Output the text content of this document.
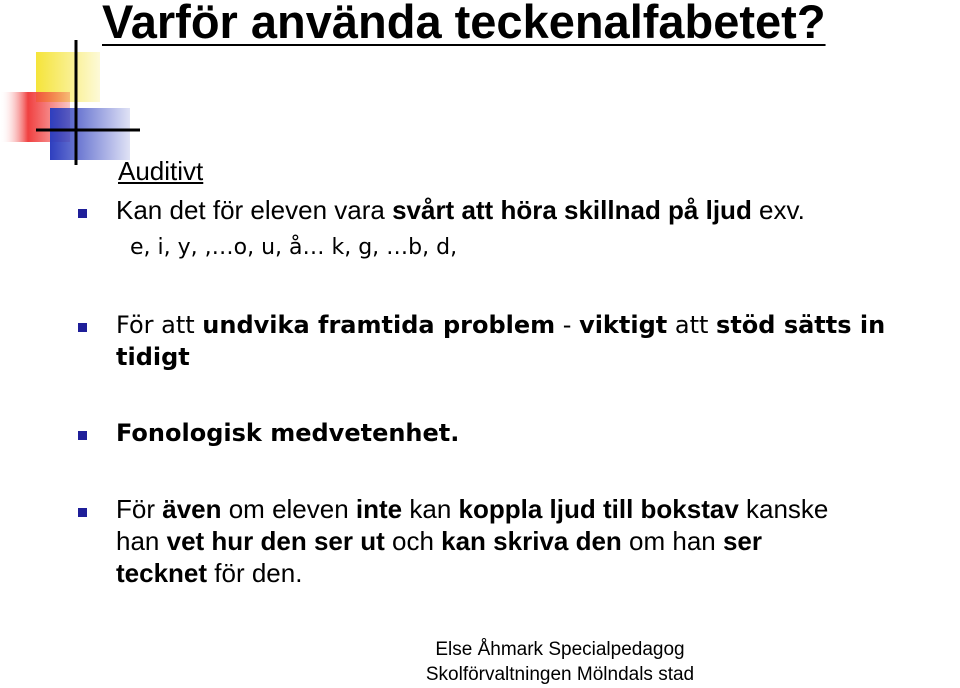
Varför använda teckenalfabetet?
Auditivt
Kan det för eleven vara svårt att höra skillnad på ljud exv.
e, i, y, ,…o, u, å… k, g, …b, d,
För att undvika framtida problem - viktigt att stöd sätts in
tidigt
Fonologisk medvetenhet.
För även om eleven inte kan koppla ljud till bokstav kanske
han vet hur den ser ut och kan skriva den om han ser
tecknet för den.
Else Åhmark Specialpedagog
Skolförvaltningen Mölndals stad
